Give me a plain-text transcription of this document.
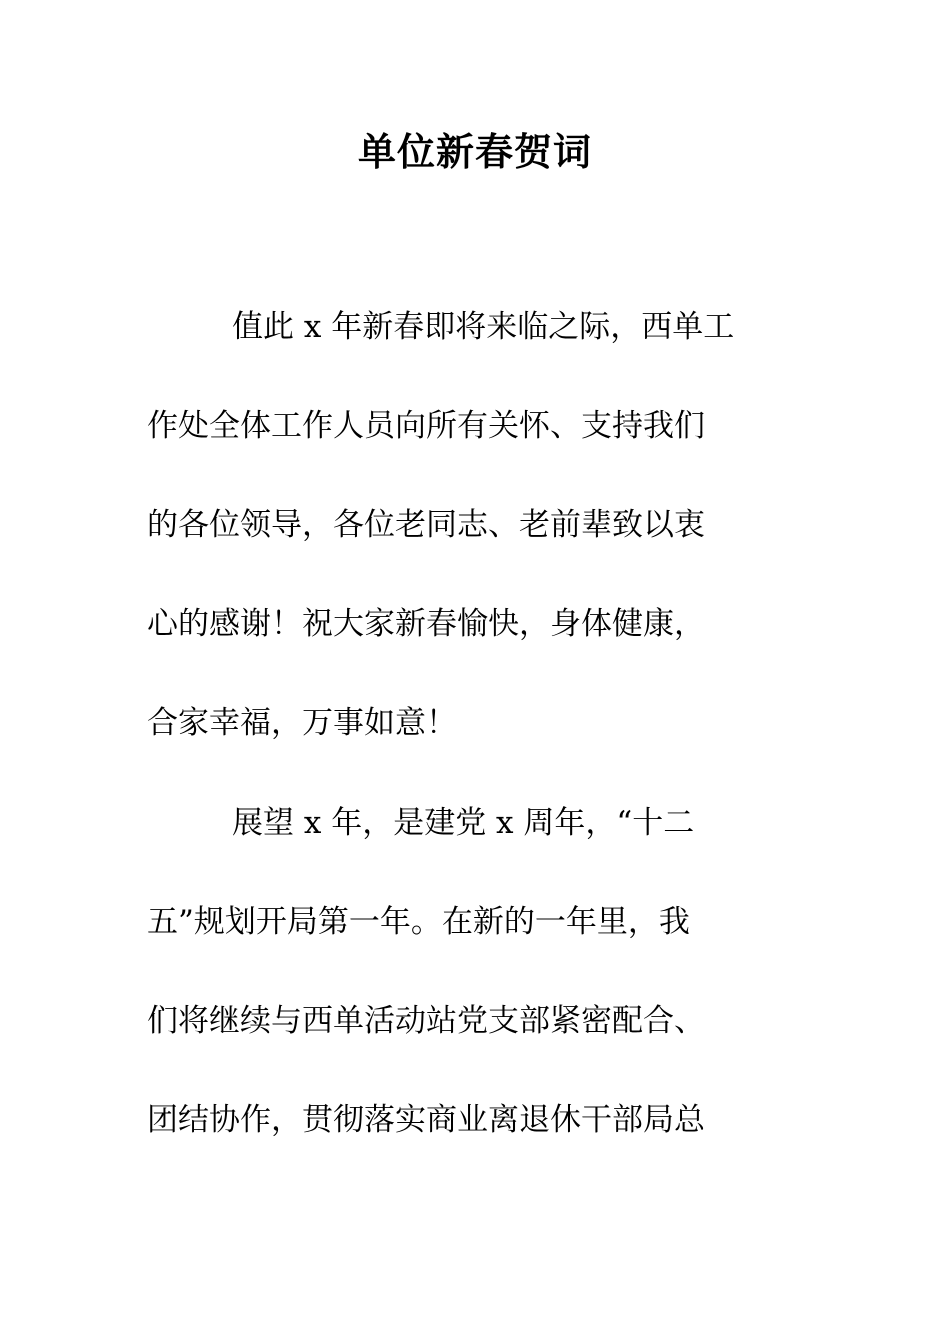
单位新春贺词
值此 x 年新春即将来临之际，西单工
作处全体工作人员向所有关怀、支持我们
的各位领导，各位老同志、老前辈致以衷
心的感谢！祝大家新春愉快，身体健康，
合家幸福，万事如意！
展望 x 年，是建党 x 周年，“十二
五”规划开局第一年。在新的一年里，我
们将继续与西单活动站党支部紧密配合、
团结协作，贯彻落实商业离退休干部局总
